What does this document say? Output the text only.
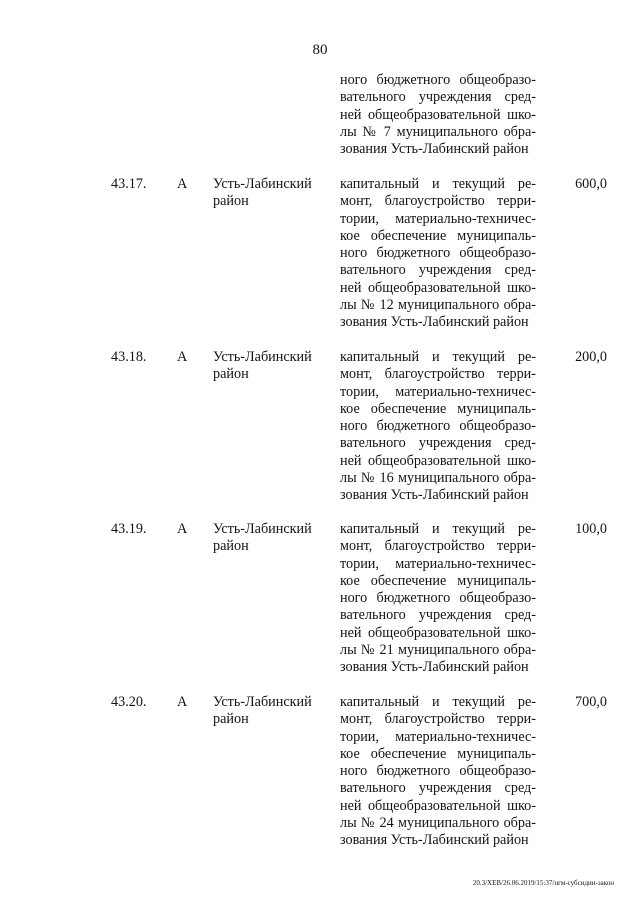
80
ного бюджетного общеобразо-
вательного учреждения сред-
ней общеобразовательной шко-
лы № 7 муниципального обра-
зования Усть-Лабинский район
43.17. А Усть-Лабинский
район
капитальный и текущий ре-
монт, благоустройство терри-
тории, материально-техничес-
кое обеспечение муниципаль-
ного бюджетного общеобразо-
вательного учреждения сред-
ней общеобразовательной шко-
лы № 12 муниципального обра-
зования Усть-Лабинский район
600,0
43.18. А Усть-Лабинский
район
капитальный и текущий ре-
монт, благоустройство терри-
тории, материально-техничес-
кое обеспечение муниципаль-
ного бюджетного общеобразо-
вательного учреждения сред-
ней общеобразовательной шко-
лы № 16 муниципального обра-
зования Усть-Лабинский район
200,0
43.19. А Усть-Лабинский
район
капитальный и текущий ре-
монт, благоустройство терри-
тории, материально-техничес-
кое обеспечение муниципаль-
ного бюджетного общеобразо-
вательного учреждения сред-
ней общеобразовательной шко-
лы № 21 муниципального обра-
зования Усть-Лабинский район
100,0
43.20. А Усть-Лабинский
район
капитальный и текущий ре-
монт, благоустройство терри-
тории, материально-техничес-
кое обеспечение муниципаль-
ного бюджетного общеобразо-
вательного учреждения сред-
ней общеобразовательной шко-
лы № 24 муниципального обра-
зования Усть-Лабинский район
700,0
20.3/XEB/26.06.2019/15:37/нгм-субсидии-закон
